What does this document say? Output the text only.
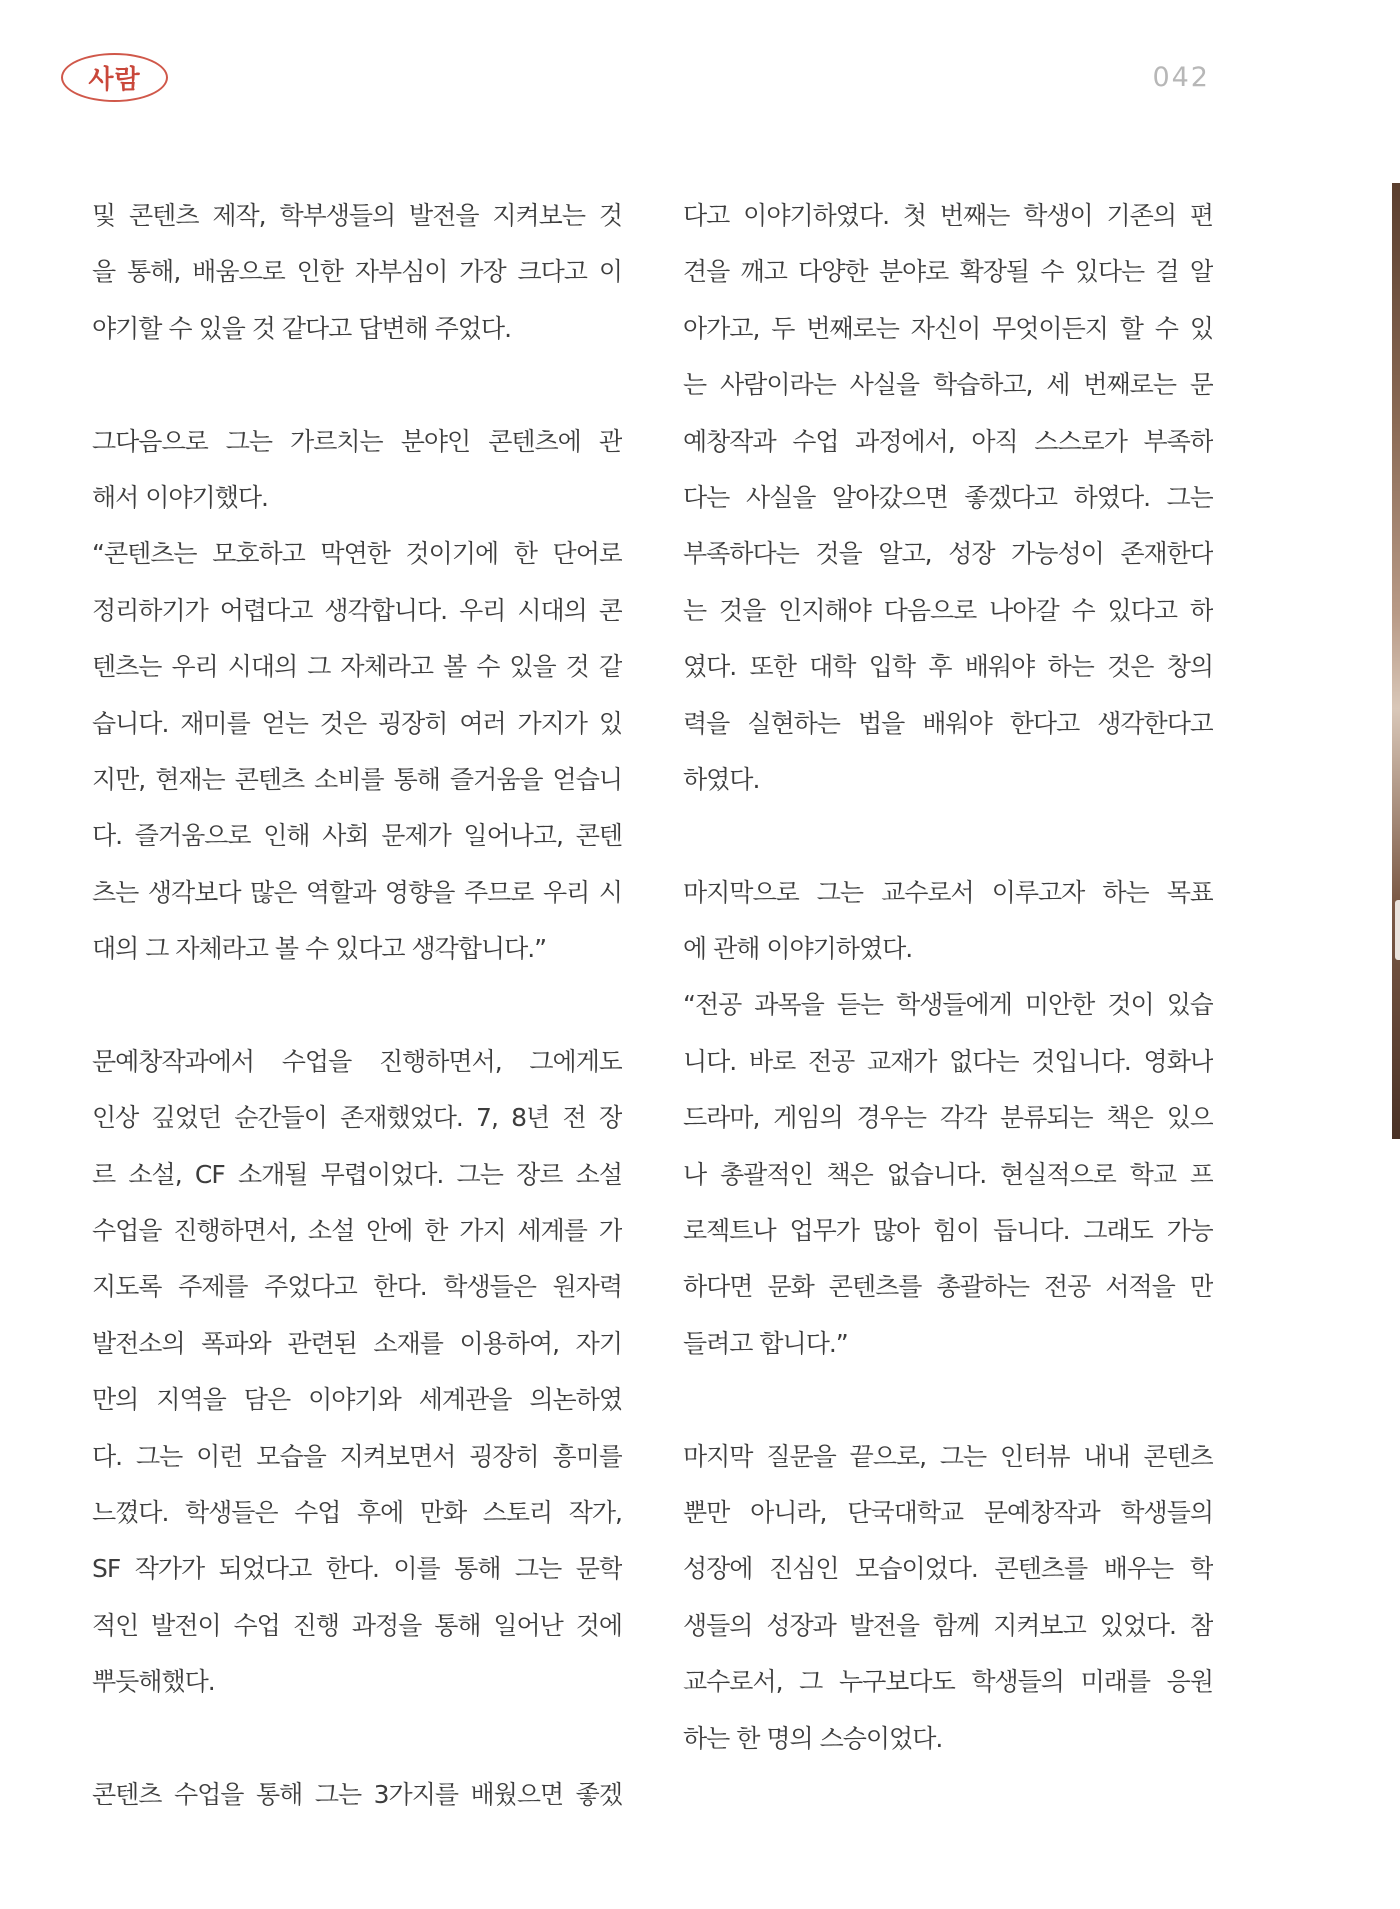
사람	042
및 콘텐츠 제작, 학부생들의 발전을 지켜보는 것
을 통해, 배움으로 인한 자부심이 가장 크다고 이
야기할 수 있을 것 같다고 답변해 주었다.
그다음으로 그는 가르치는 분야인 콘텐츠에 관
해서 이야기했다.
“콘텐츠는 모호하고 막연한 것이기에 한 단어로
정리하기가 어렵다고 생각합니다. 우리 시대의 콘
텐츠는 우리 시대의 그 자체라고 볼 수 있을 것 같
습니다. 재미를 얻는 것은 굉장히 여러 가지가 있
지만, 현재는 콘텐츠 소비를 통해 즐거움을 얻습니
다. 즐거움으로 인해 사회 문제가 일어나고, 콘텐
츠는 생각보다 많은 역할과 영향을 주므로 우리 시
대의 그 자체라고 볼 수 있다고 생각합니다.”
문예창작과에서 수업을 진행하면서, 그에게도
인상 깊었던 순간들이 존재했었다. 7, 8년 전 장
르 소설, CF 소개될 무렵이었다. 그는 장르 소설
수업을 진행하면서, 소설 안에 한 가지 세계를 가
지도록 주제를 주었다고 한다. 학생들은 원자력
발전소의 폭파와 관련된 소재를 이용하여, 자기
만의 지역을 담은 이야기와 세계관을 의논하였
다. 그는 이런 모습을 지켜보면서 굉장히 흥미를
느꼈다. 학생들은 수업 후에 만화 스토리 작가,
SF 작가가 되었다고 한다. 이를 통해 그는 문학
적인 발전이 수업 진행 과정을 통해 일어난 것에
뿌듯해했다.
콘텐츠 수업을 통해 그는 3가지를 배웠으면 좋겠
다고 이야기하였다. 첫 번째는 학생이 기존의 편
견을 깨고 다양한 분야로 확장될 수 있다는 걸 알
아가고, 두 번째로는 자신이 무엇이든지 할 수 있
는 사람이라는 사실을 학습하고, 세 번째로는 문
예창작과 수업 과정에서, 아직 스스로가 부족하
다는 사실을 알아갔으면 좋겠다고 하였다. 그는
부족하다는 것을 알고, 성장 가능성이 존재한다
는 것을 인지해야 다음으로 나아갈 수 있다고 하
였다. 또한 대학 입학 후 배워야 하는 것은 창의
력을 실현하는 법을 배워야 한다고 생각한다고
하였다.
마지막으로 그는 교수로서 이루고자 하는 목표
에 관해 이야기하였다.
“전공 과목을 듣는 학생들에게 미안한 것이 있습
니다. 바로 전공 교재가 없다는 것입니다. 영화나
드라마, 게임의 경우는 각각 분류되는 책은 있으
나 총괄적인 책은 없습니다. 현실적으로 학교 프
로젝트나 업무가 많아 힘이 듭니다. 그래도 가능
하다면 문화 콘텐츠를 총괄하는 전공 서적을 만
들려고 합니다.”
마지막 질문을 끝으로, 그는 인터뷰 내내 콘텐츠
뿐만 아니라, 단국대학교 문예창작과 학생들의
성장에 진심인 모습이었다. 콘텐츠를 배우는 학
생들의 성장과 발전을 함께 지켜보고 있었다. 참
교수로서, 그 누구보다도 학생들의 미래를 응원
하는 한 명의 스승이었다.
